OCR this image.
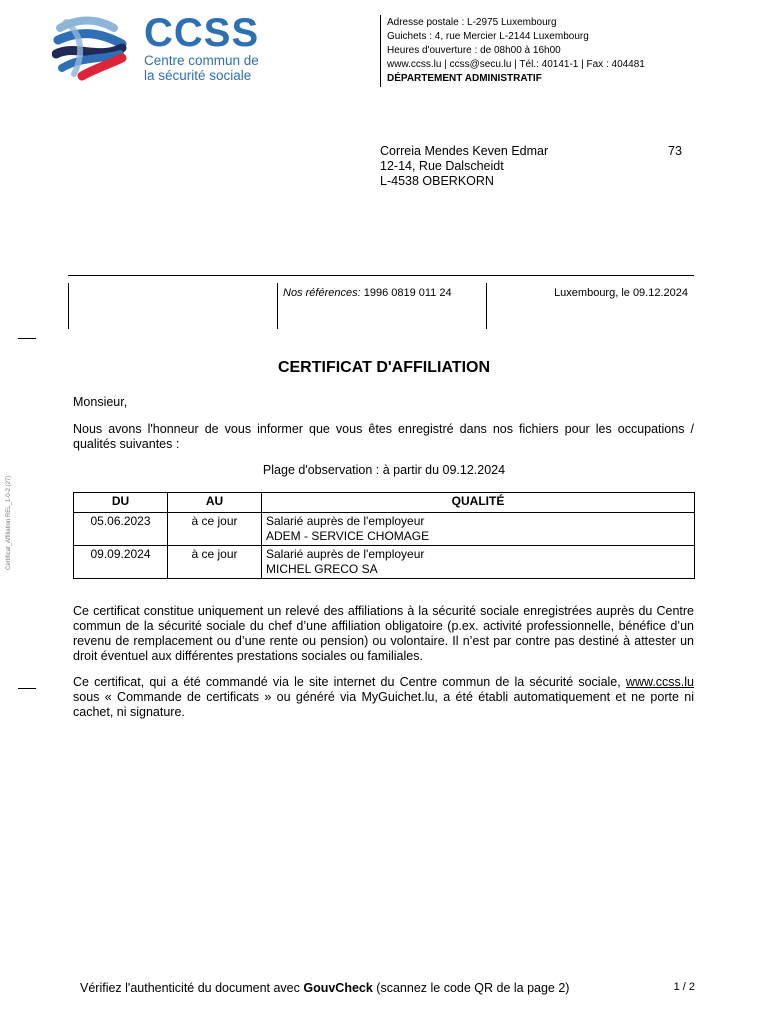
CCSS
Centre commun de
la sécurité sociale
Adresse postale : L-2975 Luxembourg
Guichets : 4, rue Mercier L-2144 Luxembourg
Heures d'ouverture : de 08h00 à 16h00
www.ccss.lu | ccss@secu.lu | Tél.: 40141-1 | Fax : 404481
DÉPARTEMENT ADMINISTRATIF
Correia Mendes Keven Edmar
12-14, Rue Dalscheidt
L-4538 OBERKORN
73
Nos références: 1996 0819 011 24	Luxembourg, le 09.12.2024
Certificat_Affiliation REL_1-0-2 (27)
CERTIFICAT D'AFFILIATION
Monsieur,
Nous avons l'honneur de vous informer que vous êtes enregistré dans nos fichiers pour les occupations / qualités suivantes :
Plage d'observation : à partir du 09.12.2024
DU	AU	QUALITÉ
05.06.2023	à ce jour	Salarié auprès de l'employeur
ADEM - SERVICE CHOMAGE

09.09.2024	à ce jour	Salarié auprès de l'employeur
MICHEL GRECO SA
Ce certificat constitue uniquement un relevé des affiliations à la sécurité sociale enregistrées auprès du Centre commun de la sécurité sociale du chef d’une affiliation obligatoire (p.ex. activité professionnelle, bénéfice d’un revenu de remplacement ou d’une rente ou pension) ou volontaire. Il n’est par contre pas destiné à attester un droit éventuel aux différentes prestations sociales ou familiales.
Ce certificat, qui a été commandé via le site internet du Centre commun de la sécurité sociale, www.ccss.lu sous « Commande de certificats » ou généré via MyGuichet.lu, a été établi automatiquement et ne porte ni cachet, ni signature.
Vérifiez l'authenticité du document avec GouvCheck (scannez le code QR de la page 2)	1 / 2
